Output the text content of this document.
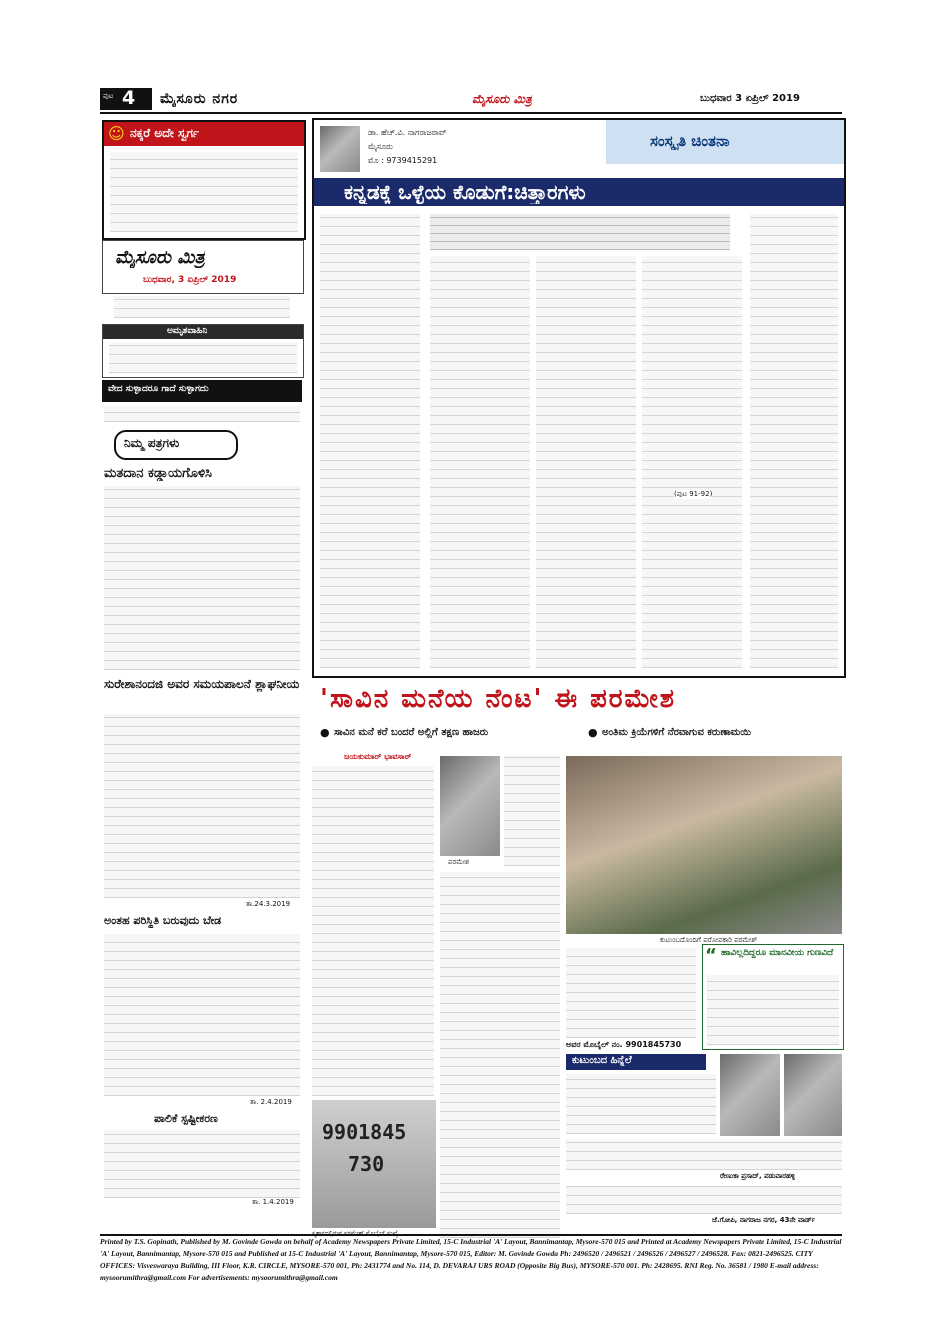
ಪುಟ 4 ಮೈಸೂರು ನಗರ	ಮೈಸೂರು ಮಿತ್ರ	ಬುಧವಾರ 3 ಏಪ್ರಿಲ್ 2019
☺ ನಕ್ಕರೆ ಅದೇ ಸ್ವರ್ಗ
ಮೈಸೂರು ಮಿತ್ರ
ಬುಧವಾರ, 3 ಏಪ್ರಿಲ್ 2019
ಅಮೃತವಾಹಿನಿ
ವೇದ ಸುಳ್ಳಾದರೂ ಗಾದೆ ಸುಳ್ಳಾಗದು
ನಿಮ್ಮ ಪತ್ರಗಳು
ಮತದಾನ ಕಡ್ಡಾಯಗೊಳಿಸಿ
ಸುರೇಶಾನಂದಜಿ ಅವರ ಸಮಯಪಾಲನೆ ಶ್ಲಾಘನೀಯ
ತಾ.24.3.2019
ಅಂತಹ ಪರಿಸ್ಥಿತಿ ಬರುವುದು ಬೇಡ
ತಾ. 2.4.2019
ಪಾಲಿಕೆ ಸ್ಪಷ್ಟೀಕರಣ
ತಾ. 1.4.2019
ಡಾ. ಹೆಚ್.ವಿ. ನಾಗರಾಜರಾವ್
ಮೈಸೂರು
ಮೊ : 9739415291
ಸಂಸ್ಕೃತಿ ಚಿಂತನಾ
ಕನ್ನಡಕ್ಕೆ ಒಳ್ಳೆಯ ಕೊಡುಗೆ:ಚಿತ್ತಾರಗಳು
(ಪುಟ 91-92)
'ಸಾವಿನ ಮನೆಯ ನೆಂಟ' ಈ ಪರಮೇಶ
● ಸಾವಿನ ಮನೆ ಕರೆ ಬಂದರೆ ಅಲ್ಲಿಗೆ ತಕ್ಷಣ ಹಾಜರು	● ಅಂತಿಮ ಕ್ರಿಯೆಗಳಿಗೆ ನೆರವಾಗುವ ಕರುಣಾಮಯಿ
ಜಯಕುಮಾರ್ ಭಾವಸಾರ್
ಪರಮೇಶ
ಕುಟುಂಬದೊಂದಿಗೆ ಪರೋಪಕಾರಿ ಪರಮೇಶ್
ಅವರ ಮೊಬೈಲ್ ನಂ. 9901845730
“ ಹಾವಿಲ್ಲದಿದ್ದರೂ ಮಾನವೀಯ ಗುಣವಿದೆ
9901845
730
ಸ್ಮಶಾನದಲ್ಲಿರುವ ಪರಮೇಶ್ ಮೊಬೈಲ್ ಸಂಖ್ಯೆ
ಕುಟುಂಬದ ಹಿನ್ನೆಲೆ
ರೇಣುಕಾ ಪ್ರಸಾದ್, ಪಡುವಾರಹಳ್ಳಿ
ಜೆ.ಗೋಪಿ, ನಾಗರಾಜ ನಗರ, 43ನೇ ವಾರ್ಡ್
Printed by T.S. Gopinath, Published by M. Govinde Gowda on behalf of Academy Newspapers Private Limited, 15-C Industrial 'A' Layout, Bannimantap, Mysore-570 015 and Printed at Academy Newspapers Private Limited, 15-C Industrial 'A' Layout, Bannimantap, Mysore-570 015 and Published at 15-C Industrial 'A' Layout, Bannimantap, Mysore-570 015, Editor: M. Govinde Gowda Ph: 2496520 / 2496521 / 2496526 / 2496527 / 2496528. Fax: 0821-2496525. CITY OFFICES: Visveswaraya Building, III Floor, K.R. CIRCLE, MYSORE-570 001, Ph: 2431774 and No. 114, D. DEVARAJ URS ROAD (Opposite Big Bus), MYSORE-570 001. Ph: 2428695. RNI Reg. No. 36581 / 1980 E-mail address: mysoorumithra@gmail.com For advertisements: mysoorumithra@gmail.com
